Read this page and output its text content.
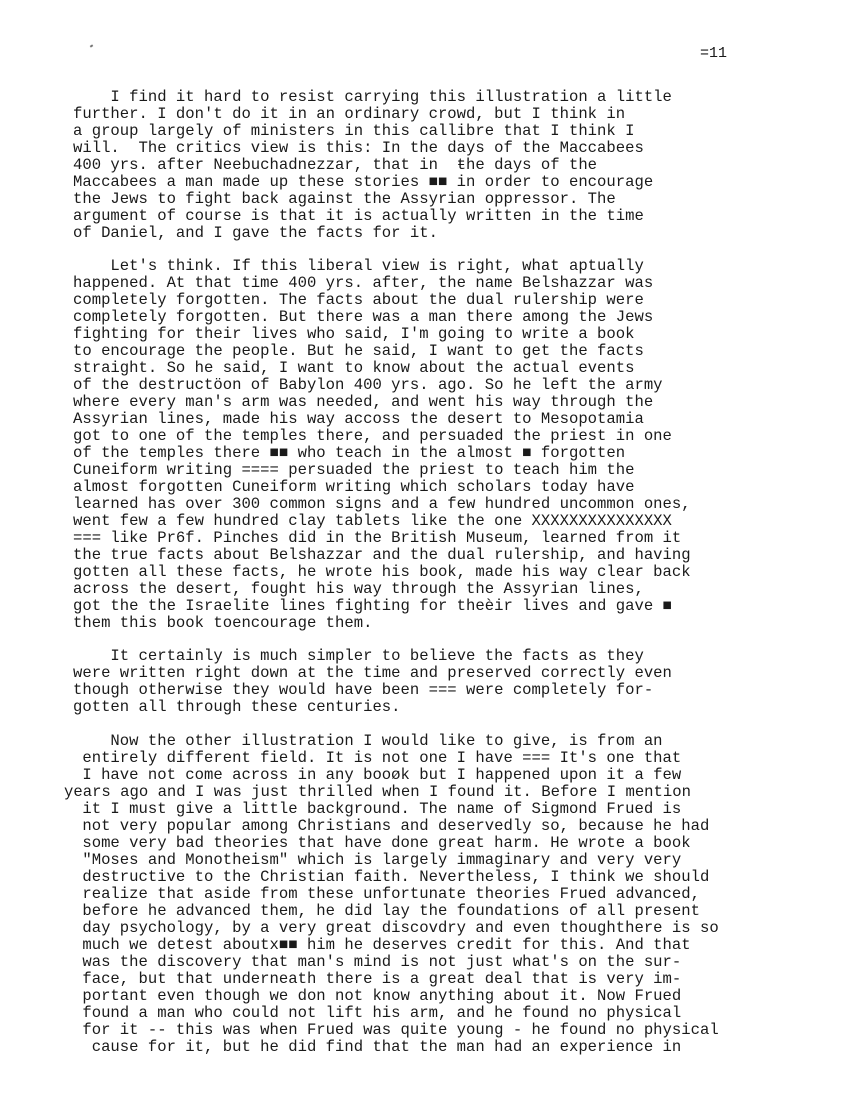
=11
I find it hard to resist carrying this illustration a little
further. I don't do it in an ordinary crowd, but I think in
a group largely of ministers in this callibre that I think I
will.  The critics view is this: In the days of the Maccabees
400 yrs. after Neebuchadnezzar, that in  ŧhe days of the
Maccabees a man made up these stories ■■ in order to encourage
the Jews to fight back against the Assyrian oppressor. The
argument of course is that it is actually written in the time
of Daniel, and I gave the facts for it.
Let's think. If this liberal view is right, what aptually
happened. At that time 400 yrs. after, the name Belshazzar was
completely forgotten. The facts about the dual rulership were
completely forgotten. But there was a man there among the Jews
fighting for their lives who said, I'm going to write a book
to encourage the people. But he said, I want to get the facts
straight. So he said, I want to know about the actual events
of the destructöon of Babylon 400 yrs. ago. So he left the army
where every man's arm was needed, and went his way through the
Assyrian lines, made his way accoss the desert to Mesopotamia
got to one of the temples there, and persuaded the priest in one
of the temples there ■■ who teach in the almost ■ forgotten
Cuneiform writing ==== persuaded the priest to teach him the
almost forgotten Cuneiform writing which scholars today have
learned has over 300 common signs and a few hundred uncommon ones,
went few a few hundred clay tablets like the one XXXXXXXXXXXXXXX
=== like Pr6f. Pinches did in the British Museum, learned from it
the true facts about Belshazzar and the dual rulership, and having
gotten all these facts, he wrote his book, made his way clear back
across the desert, fought his way through the Assyrian lines,
got the the Israelite lines fighting for theèir lives and gave ■
them this book toencourage them.
It certainly is much simpler to believe the facts as they
were written right down at the time and preserved correctly even
though otherwise they would have been === were completely for-
gotten all through these centuries.
Now the other illustration I would like to give, is from an
entirely different field. It is not one I have === It's one that
I have not come across in any booøk but I happened upon it a few
years ago and I was just thrilled when I found it. Before I mention
it I must give a little background. The name of Sigmond Frued is
not very popular among Christians and deservedly so, because he had
some very bad theories that have done great harm. He wrote a book
"Moses and Monotheism" which is largely immaginary and very very
destructive to the Christian faith. Nevertheless, I think we should
realize that aside from these unfortunate theories Frued advanced,
before he advanced them, he did lay the foundations of all present
day psychology, by a very great discovdry and even thoughthere is so
much we detest aboutx■■ him he deserves credit for this. And that
was the discovery that man's mind is not just what's on the sur-
face, but that underneath there is a great deal that is very im-
portant even though we don not know anything about it. Now Frued
found a man who could not lift his arm, and he found no physical
for it -- this was when Frued was quite young - he found no physical
cause for it, but he did find that the man had an experience in
